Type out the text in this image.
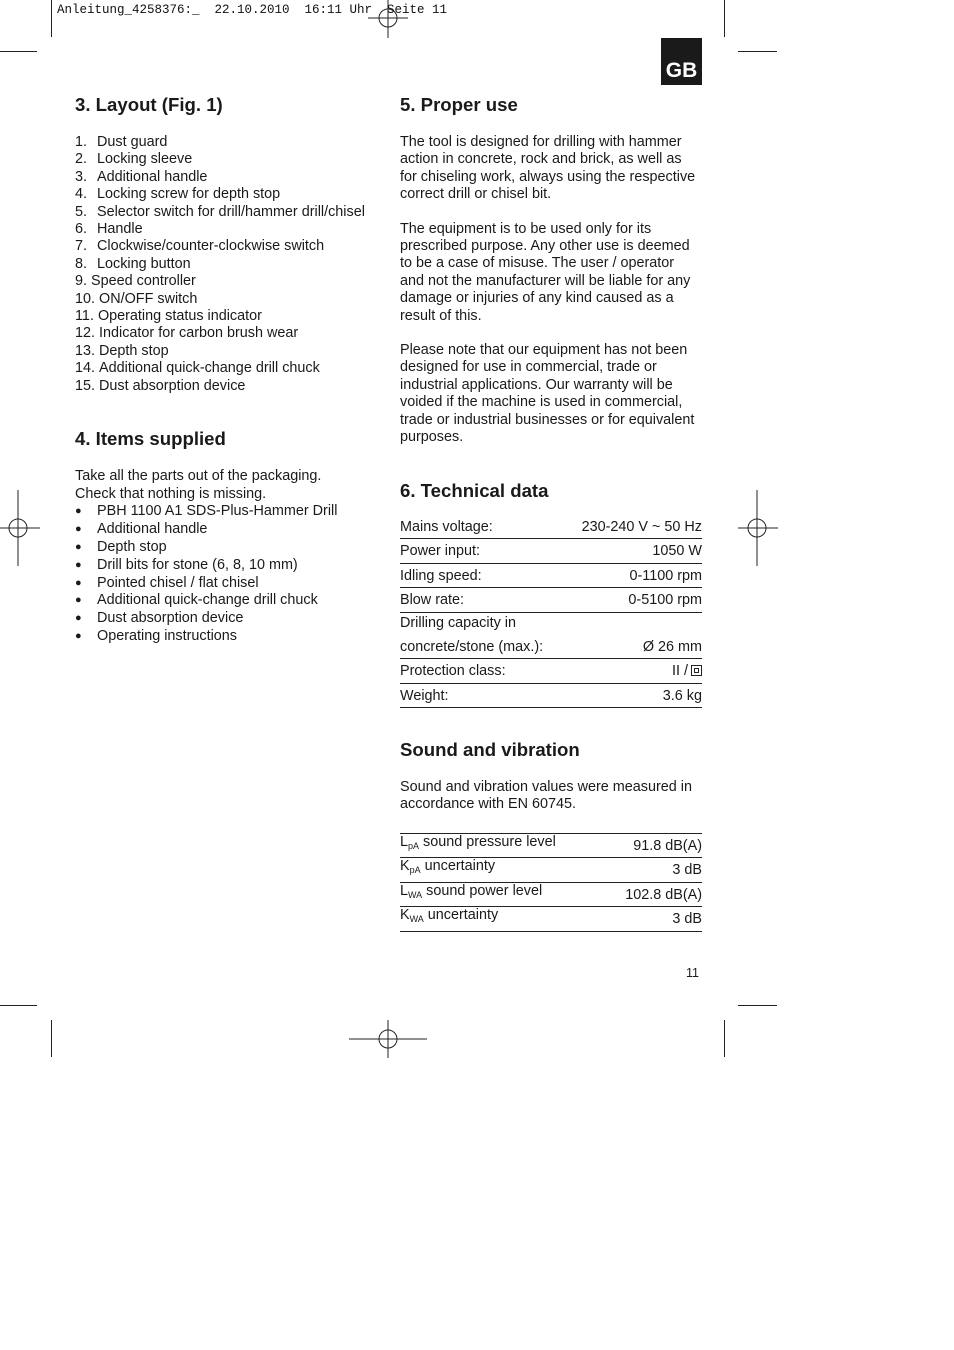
Anleitung_4258376:_  22.10.2010  16:11 Uhr  Seite 11
GB
3. Layout (Fig. 1)
1. Dust guard
2. Locking sleeve
3. Additional handle
4. Locking screw for depth stop
5. Selector switch for drill/hammer drill/chisel
6. Handle
7. Clockwise/counter-clockwise switch
8. Locking button
9. Speed controller
10. ON/OFF switch
11. Operating status indicator
12. Indicator for carbon brush wear
13. Depth stop
14. Additional quick-change drill chuck
15. Dust absorption device
4. Items supplied

Take all the parts out of the packaging.
Check that nothing is missing.

●	PBH 1100 A1 SDS-Plus-Hammer Drill
●	Additional handle
●	Depth stop
●	Drill bits for stone (6, 8, 10 mm)
●	Pointed chisel / flat chisel
●	Additional quick-change drill chuck
●	Dust absorption device
●	Operating instructions
5. Proper use

The tool is designed for drilling with hammer action in concrete, rock and brick, as well as for chiseling work, always using the respective correct drill or chisel bit.

The equipment is to be used only for its prescribed purpose. Any other use is deemed to be a case of misuse. The user / operator and not the manufacturer will be liable for any damage or injuries of any kind caused as a result of this.

Please note that our equipment has not been designed for use in commercial, trade or industrial applications. Our warranty will be voided if the machine is used in commercial, trade or industrial businesses or for equivalent purposes.

6. Technical data
Mains voltage:	230-240 V ~ 50 Hz
Power input:	1050 W
Idling speed:	0-1100 rpm
Blow rate:	0-5100 rpm
Drilling capacity in	
concrete/stone (max.):	Ø 26 mm
Protection class:	II /
Weight:	3.6 kg
Sound and vibration

Sound and vibration values were measured in accordance with EN 60745.

$L_{pA}$ sound pressure level	91.8 dB(A)
$K_{pA}$ uncertainty	3 dB
$L_{WA}$ sound power level	102.8 dB(A)
$K_{WA}$ uncertainty	3 dB
11
